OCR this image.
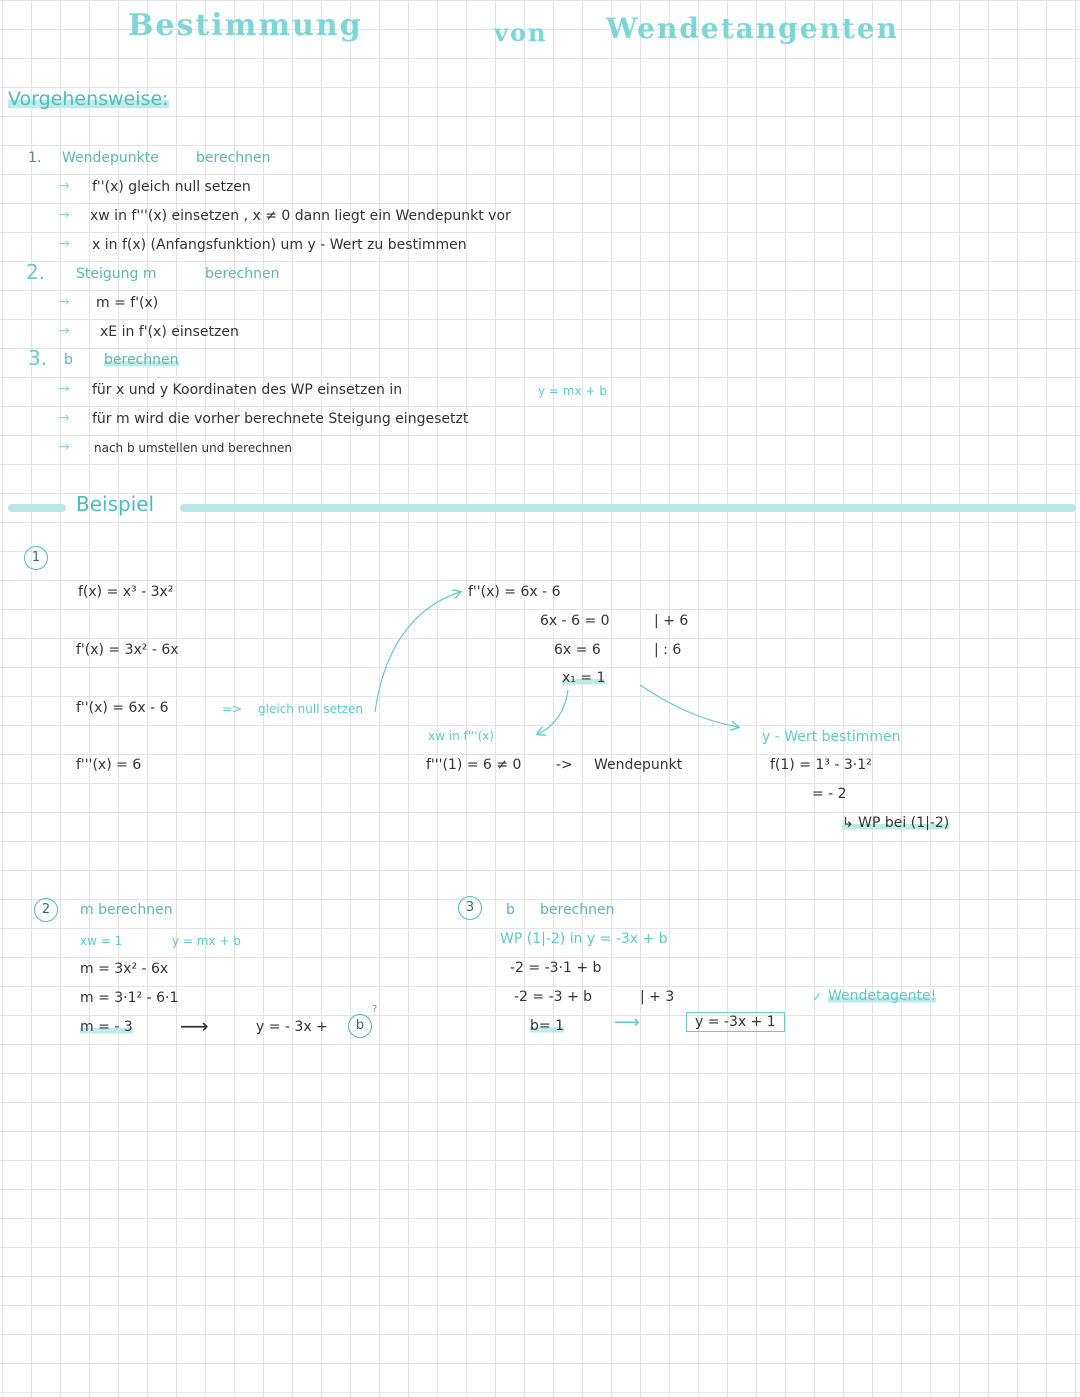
Bestimmung	von Wendetangenten
Vorgehensweise:
1. Wendepunkte	berechnen
→ f''(x) gleich null setzen
→ xw in f'''(x) einsetzen , x ≠ 0 dann liegt ein Wendepunkt vor
→ x in f(x) (Anfangsfunktion) um y - Wert zu bestimmen
2. Steigung m	berechnen
→ m = f'(x)
→ xE in f'(x) einsetzen
3. b berechnen
→ für x und y Koordinaten des WP einsetzen in	y = mx + b
→ für m wird die vorher berechnete Steigung eingesetzt
→ nach b umstellen und berechnen
Beispiel
1
f(x) = x³ - 3x²
f'(x) = 3x² - 6x
f''(x) = 6x - 6	=> gleich null setzen
f'''(x) = 6
f''(x) = 6x - 6
6x - 6 = 0	| + 6
6x = 6	| : 6
x₁ = 1
xw in f'''(x)
f'''(1) = 6 ≠ 0 -> Wendepunkt
y - Wert bestimmen
f(1) = 1³ - 3·1²
= - 2
↳ WP bei (1|-2)
2	m berechnen
xw = 1	y = mx + b
m = 3x² - 6x
m = 3·1² - 6·1
m = - 3 ⟶	y = - 3x +	b
?
3	b berechnen
WP (1|-2) in y = -3x + b
-2 = -3·1 + b
-2 = -3 + b	| + 3
b= 1	⟶	y = -3x + 1
✓ Wendetagente!
